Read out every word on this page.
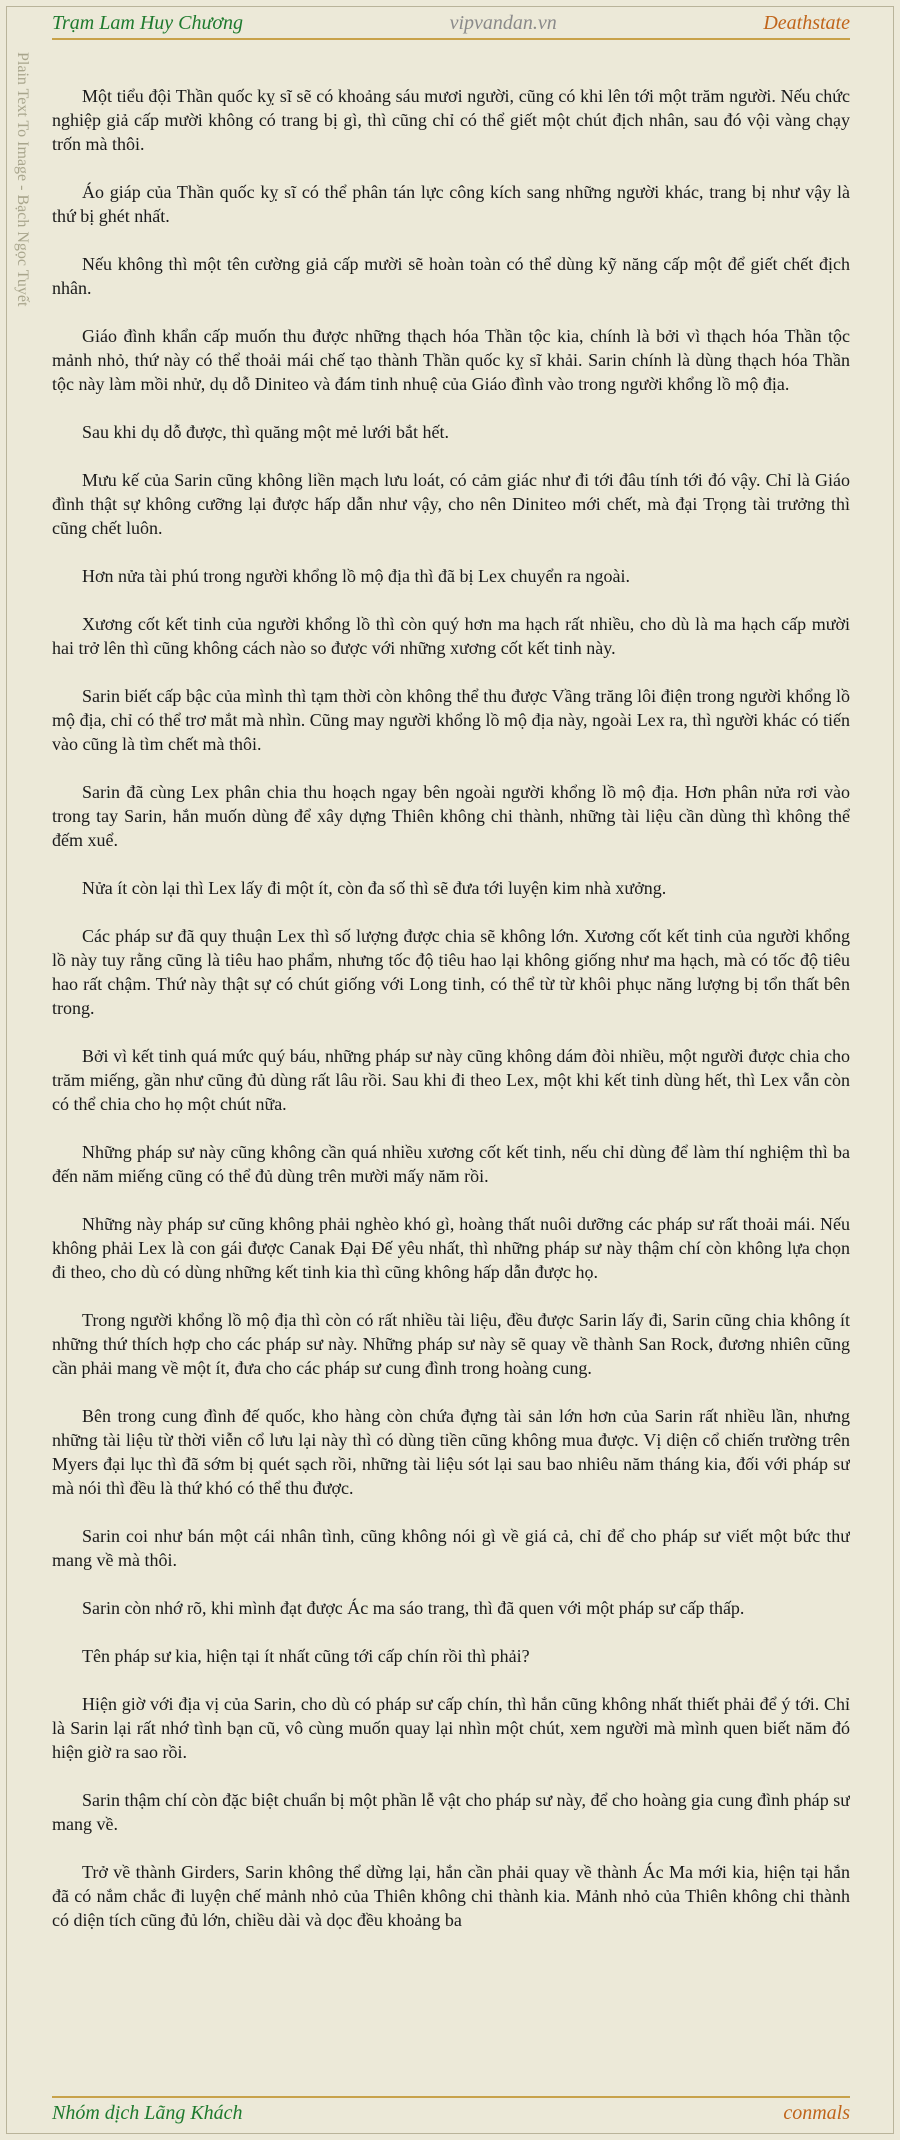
Trạm Lam Huy Chương	vipvandan.vn	Deathstate
Plain Text To Image - Bạch Ngọc Tuyết	Một tiểu đội Thần quốc kỵ sĩ sẽ có khoảng sáu mươi người, cũng có khi lên tới một trăm người. Nếu chức nghiệp giả cấp mười không có trang bị gì, thì cũng chỉ có thể giết một chút địch nhân, sau đó vội vàng chạy trốn mà thôi.

Áo giáp của Thần quốc kỵ sĩ có thể phân tán lực công kích sang những người khác, trang bị như vậy là thứ bị ghét nhất.

Nếu không thì một tên cường giả cấp mười sẽ hoàn toàn có thể dùng kỹ năng cấp một để giết chết địch nhân.

Giáo đình khẩn cấp muốn thu được những thạch hóa Thần tộc kia, chính là bởi vì thạch hóa Thần tộc mảnh nhỏ, thứ này có thể thoải mái chế tạo thành Thần quốc kỵ sĩ khải. Sarin chính là dùng thạch hóa Thần tộc này làm mồi nhử, dụ dỗ Diniteo và đám tinh nhuệ của Giáo đình vào trong người khổng lồ mộ địa.

Sau khi dụ dỗ được, thì quăng một mẻ lưới bắt hết.

Mưu kế của Sarin cũng không liền mạch lưu loát, có cảm giác như đi tới đâu tính tới đó vậy. Chỉ là Giáo đình thật sự không cưỡng lại được hấp dẫn như vậy, cho nên Diniteo mới chết, mà đại Trọng tài trưởng thì cũng chết luôn.

Hơn nửa tài phú trong người khổng lồ mộ địa thì đã bị Lex chuyển ra ngoài.

Xương cốt kết tinh của người khổng lồ thì còn quý hơn ma hạch rất nhiều, cho dù là ma hạch cấp mười hai trở lên thì cũng không cách nào so được với những xương cốt kết tinh này.

Sarin biết cấp bậc của mình thì tạm thời còn không thể thu được Vầng trăng lôi điện trong người khổng lồ mộ địa, chỉ có thể trơ mắt mà nhìn. Cũng may người khổng lồ mộ địa này, ngoài Lex ra, thì người khác có tiến vào cũng là tìm chết mà thôi.

Sarin đã cùng Lex phân chia thu hoạch ngay bên ngoài người khổng lồ mộ địa. Hơn phân nửa rơi vào trong tay Sarin, hắn muốn dùng để xây dựng Thiên không chi thành, những tài liệu cần dùng thì không thể đếm xuể.

Nửa ít còn lại thì Lex lấy đi một ít, còn đa số thì sẽ đưa tới luyện kim nhà xưởng.

Các pháp sư đã quy thuận Lex thì số lượng được chia sẽ không lớn. Xương cốt kết tinh của người khổng lồ này tuy rằng cũng là tiêu hao phẩm, nhưng tốc độ tiêu hao lại không giống như ma hạch, mà có tốc độ tiêu hao rất chậm. Thứ này thật sự có chút giống với Long tinh, có thể từ từ khôi phục năng lượng bị tổn thất bên trong.

Bởi vì kết tinh quá mức quý báu, những pháp sư này cũng không dám đòi nhiều, một người được chia cho trăm miếng, gần như cũng đủ dùng rất lâu rồi. Sau khi đi theo Lex, một khi kết tinh dùng hết, thì Lex vẫn còn có thể chia cho họ một chút nữa.

Những pháp sư này cũng không cần quá nhiều xương cốt kết tinh, nếu chỉ dùng để làm thí nghiệm thì ba đến năm miếng cũng có thể đủ dùng trên mười mấy năm rồi.

Những này pháp sư cũng không phải nghèo khó gì, hoàng thất nuôi dưỡng các pháp sư rất thoải mái. Nếu không phải Lex là con gái được Canak Đại Đế yêu nhất, thì những pháp sư này thậm chí còn không lựa chọn đi theo, cho dù có dùng những kết tinh kia thì cũng không hấp dẫn được họ.

Trong người khổng lồ mộ địa thì còn có rất nhiều tài liệu, đều được Sarin lấy đi, Sarin cũng chia không ít những thứ thích hợp cho các pháp sư này. Những pháp sư này sẽ quay về thành San Rock, đương nhiên cũng cần phải mang về một ít, đưa cho các pháp sư cung đình trong hoàng cung.

Bên trong cung đình đế quốc, kho hàng còn chứa đựng tài sản lớn hơn của Sarin rất nhiều lần, nhưng những tài liệu từ thời viễn cổ lưu lại này thì có dùng tiền cũng không mua được. Vị diện cổ chiến trường trên Myers đại lục thì đã sớm bị quét sạch rồi, những tài liệu sót lại sau bao nhiêu năm tháng kia, đối với pháp sư mà nói thì đều là thứ khó có thể thu được.

Sarin coi như bán một cái nhân tình, cũng không nói gì về giá cả, chỉ để cho pháp sư viết một bức thư mang về mà thôi.

Sarin còn nhớ rõ, khi mình đạt được Ác ma sáo trang, thì đã quen với một pháp sư cấp thấp.

Tên pháp sư kia, hiện tại ít nhất cũng tới cấp chín rồi thì phải?

Hiện giờ với địa vị của Sarin, cho dù có pháp sư cấp chín, thì hắn cũng không nhất thiết phải để ý tới. Chỉ là Sarin lại rất nhớ tình bạn cũ, vô cùng muốn quay lại nhìn một chút, xem người mà mình quen biết năm đó hiện giờ ra sao rồi.

Sarin thậm chí còn đặc biệt chuẩn bị một phần lễ vật cho pháp sư này, để cho hoàng gia cung đình pháp sư mang về.

Trở về thành Girders, Sarin không thể dừng lại, hắn cần phải quay về thành Ác Ma mới kia, hiện tại hắn đã có nắm chắc đi luyện chế mảnh nhỏ của Thiên không chi thành kia. Mảnh nhỏ của Thiên không chi thành có diện tích cũng đủ lớn, chiều dài và dọc đều khoảng ba

Nhóm dịch Lãng Khách	conmals
